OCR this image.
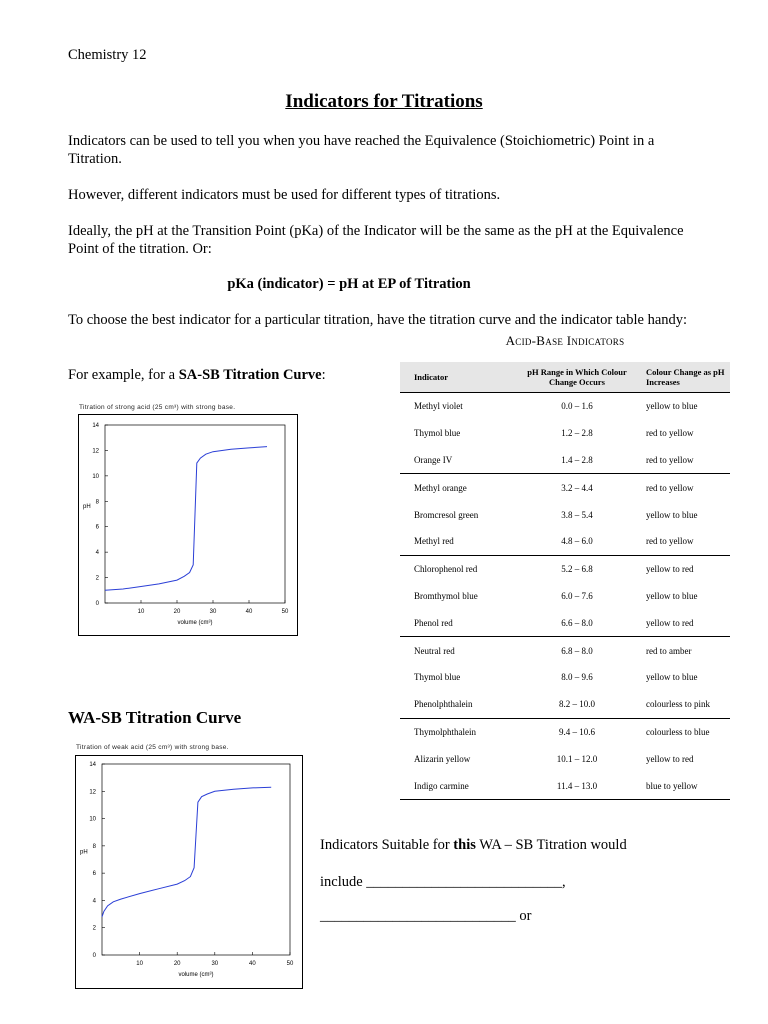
Chemistry 12
Indicators for Titrations

Indicators can be used to tell you when you have reached the Equivalence (Stoichiometric) Point in a Titration.

However, different indicators must be used for different types of titrations.

Ideally, the pH at the Transition Point (pKa) of the Indicator will be the same as the pH at the Equivalence Point of the titration. Or:

pKa (indicator) = pH at EP of Titration

To choose the best indicator for a particular titration, have the titration curve and the indicator table handy:

For example, for a SA-SB Titration Curve:

Acid-Base Indicators
Indicator	pH Range in Which Colour Change Occurs	Colour Change as pH Increases
Methyl violet	0.0 – 1.6	yellow to blue
Thymol blue	1.2 – 2.8	red to yellow
Orange IV	1.4 – 2.8	red to yellow
Methyl orange	3.2 – 4.4	red to yellow
Bromcresol green	3.8 – 5.4	yellow to blue
Methyl red	4.8 – 6.0	red to yellow
Chlorophenol red	5.2 – 6.8	yellow to red
Bromthymol blue	6.0 – 7.6	yellow to blue
Phenol red	6.6 – 8.0	yellow to red
Neutral red	6.8 – 8.0	red to amber
Thymol blue	8.0 – 9.6	yellow to blue
Phenolphthalein	8.2 – 10.0	colourless to pink
Thymolphthalein	9.4 – 10.6	colourless to blue
Alizarin yellow	10.1 – 12.0	yellow to red
Indigo carmine	11.4 – 13.0	blue to yellow
Titration of strong acid (25 cm³) with strong base.
0
2
4
6
8
10
12
14
10	20	30	40	50
pH
volume (cm³)
WA-SB Titration Curve
Titration of weak acid (25 cm³) with strong base.
0
2
4
6
8
10
12
14
10	20	30	40	50
pH
volume (cm³)

Indicators Suitable for this WA – SB Titration would

include ___________________________,

___________________________ or
